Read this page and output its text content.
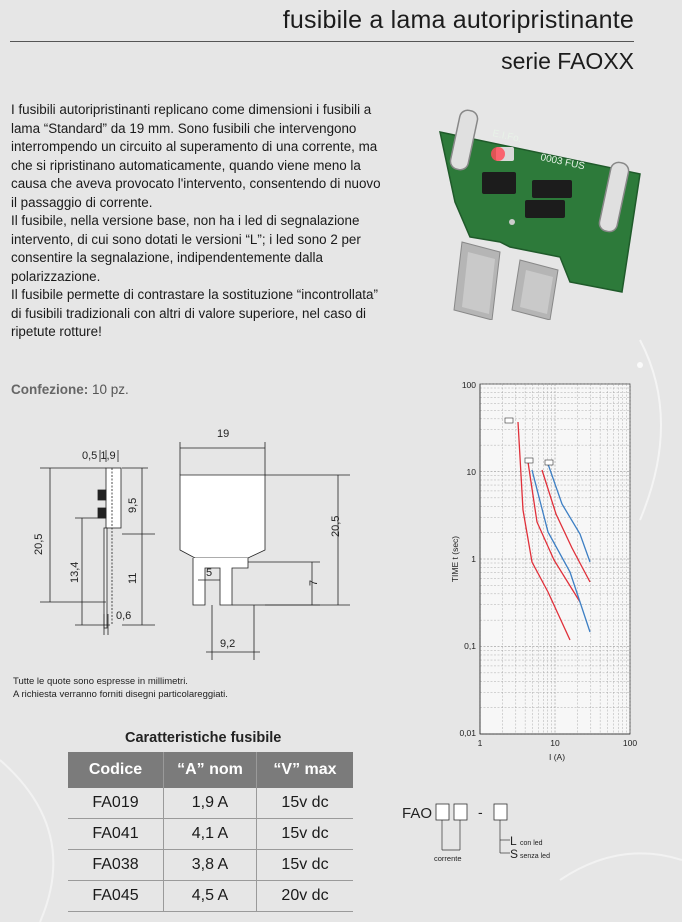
fusibile a lama autoripristinante
serie FAOXX

I fusibili autoripristinanti replicano come dimensioni i fusibili a lama “Standard” da 19 mm. Sono fusibili che intervengono interrompendo un circuito al superamento di una corrente, ma che si ripristinano automaticamente, quando viene meno la causa che aveva provocato l'intervento, consentendo di nuovo il passaggio di corrente.

Il fusibile, nella versione base, non ha i led di segnalazione intervento, di cui sono dotati le versioni “L”; i led sono 2 per consentire la segnalazione, indipendentemente dalla polarizzazione.

Il fusibile permette di contrastare la sostituzione “incontrollata” di fusibili tradizionali con altri di valore superiore, nel caso di ripetute rotture!

Confezione: 10 pz.
E.I.Fo.
0003 FUS
0,5 1,9
20,5
13,4
9,5
11
0,6
19
20,5
5
7
9,2
Tutte le quote sono espresse in millimetri.
A richiesta verranno forniti disegni particolareggiati.
100
10
1
0,1
0,01
1	10	100
I (A)
TIME t (sec)
Caratteristiche fusibile
Codice	“A” nom	“V” max
FA019	1,9 A	15v dc
FA041	4,1 A	15v dc
FA038	3,8 A	15v dc
FA045	4,5 A	20v dc
FAO	-
corrente
L con led
S senza led
